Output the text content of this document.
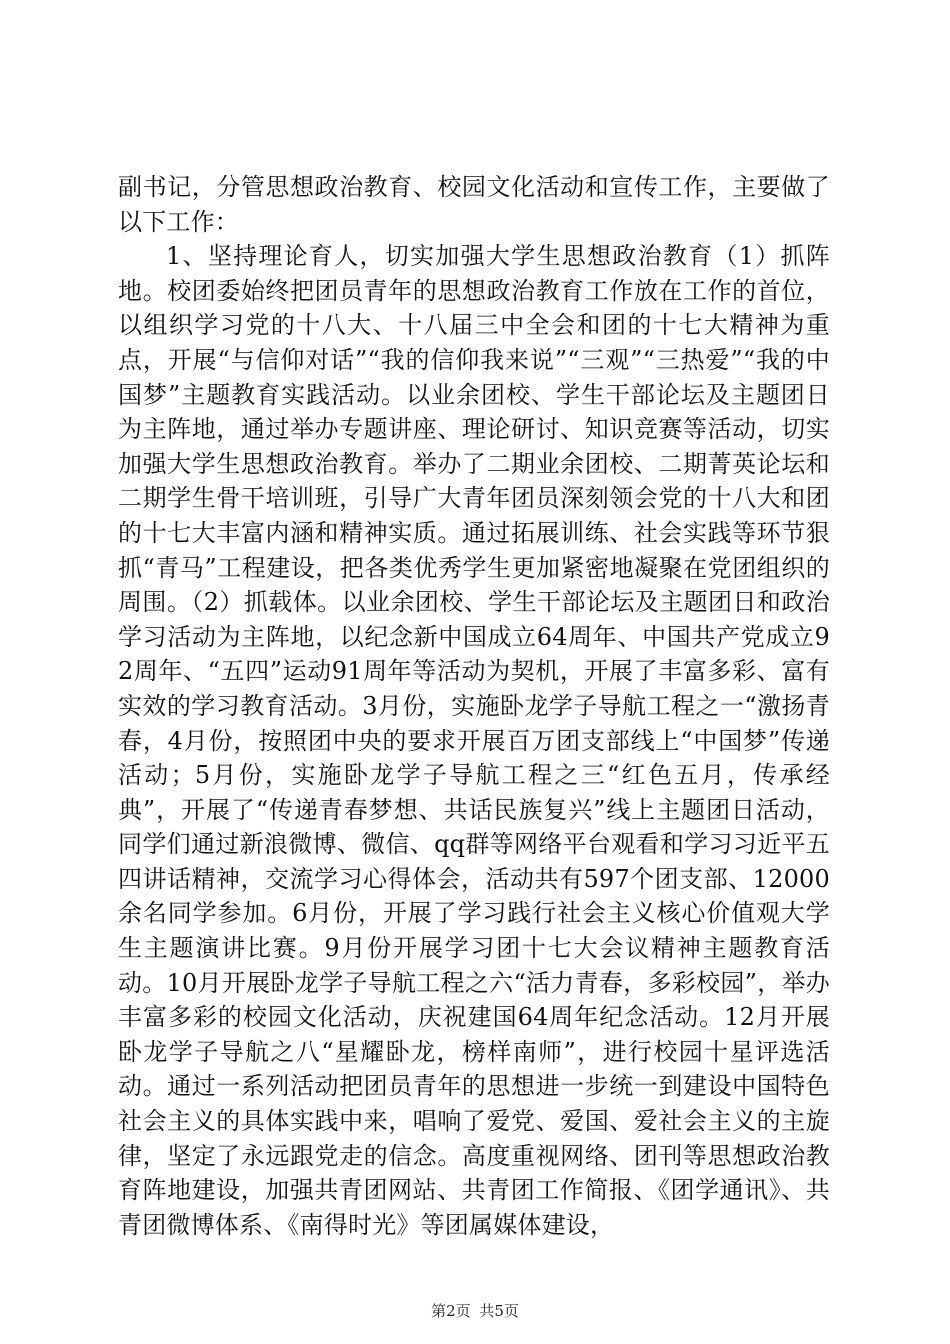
副书记，分管思想政治教育、校园文化活动和宣传工作，主要做了以下工作：

1、坚持理论育人，切实加强大学生思想政治教育（1）抓阵地。校团委始终把团员青年的思想政治教育工作放在工作的首位，以组织学习党的十八大、十八届三中全会和团的十七大精神为重点，开展“与信仰对话”“我的信仰我来说”“三观”“三热爱”“我的中国梦”主题教育实践活动。以业余团校、学生干部论坛及主题团日为主阵地，通过举办专题讲座、理论研讨、知识竞赛等活动，切实加强大学生思想政治教育。举办了二期业余团校、二期菁英论坛和二期学生骨干培训班，引导广大青年团员深刻领会党的十八大和团的十七大丰富内涵和精神实质。通过拓展训练、社会实践等环节狠抓“青马”工程建设，把各类优秀学生更加紧密地凝聚在党团组织的周围。（2）抓载体。以业余团校、学生干部论坛及主题团日和政治学习活动为主阵地，以纪念新中国成立64周年、中国共产党成立92周年、“五四”运动91周年等活动为契机，开展了丰富多彩、富有实效的学习教育活动。3月份，实施卧龙学子导航工程之一“激扬青春，4月份，按照团中央的要求开展百万团支部线上“中国梦”传递活动；5月份，实施卧龙学子导航工程之三“红色五月，传承经典”，开展了“传递青春梦想、共话民族复兴”线上主题团日活动，同学们通过新浪微博、微信、qq群等网络平台观看和学习习近平五四讲话精神，交流学习心得体会，活动共有597个团支部、12000余名同学参加。6月份，开展了学习践行社会主义核心价值观大学生主题演讲比赛。9月份开展学习团十七大会议精神主题教育活动。10月开展卧龙学子导航工程之六“活力青春，多彩校园”，举办丰富多彩的校园文化活动，庆祝建国64周年纪念活动。12月开展卧龙学子导航之八“星耀卧龙，榜样南师”，进行校园十星评选活动。通过一系列活动把团员青年的思想进一步统一到建设中国特色社会主义的具体实践中来，唱响了爱党、爱国、爱社会主义的主旋律，坚定了永远跟党走的信念。高度重视网络、团刊等思想政治教育阵地建设，加强共青团网站、共青团工作简报、《团学通讯》、共青团微博体系、《南得时光》等团属媒体建设，

第2页 共5页
